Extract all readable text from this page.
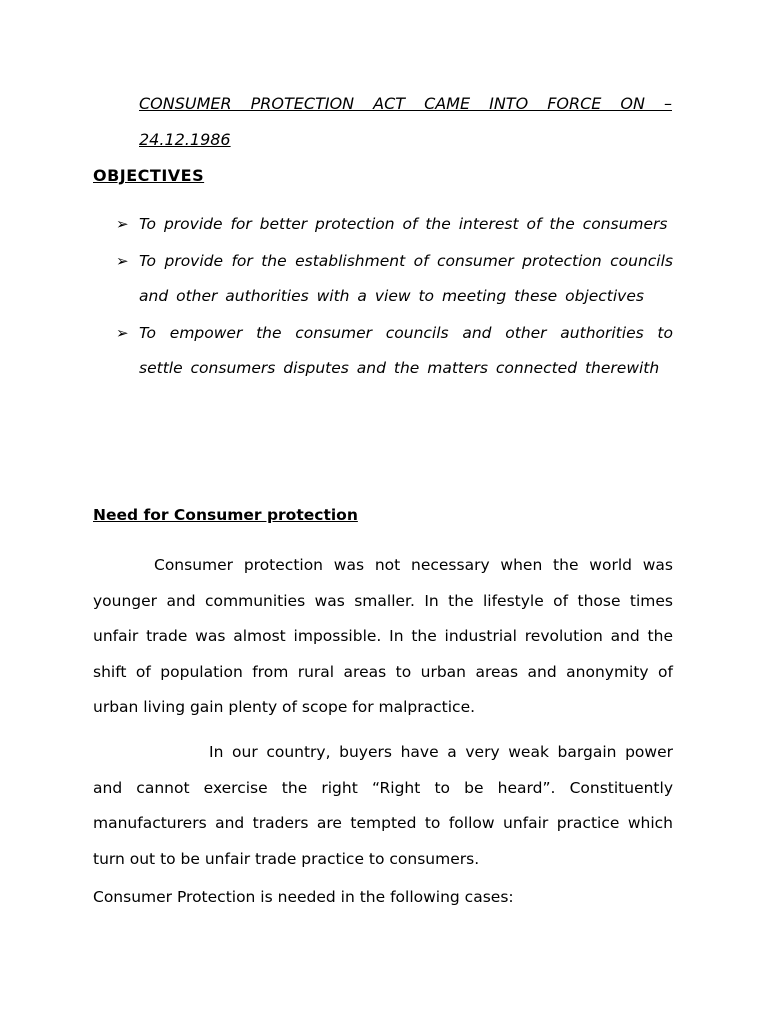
CONSUMER PROTECTION ACT CAME INTO FORCE ON –
24.12.1986
OBJECTIVES
➢ To provide for better protection of the interest of the consumers
➢ To provide for the establishment of consumer protection councils and other authorities with a view to meeting these objectives
➢ To empower the consumer councils and other authorities to settle consumers disputes and the matters connected therewith
Need for Consumer protection

Consumer protection was not necessary when the world was younger and communities was smaller. In the lifestyle of those times unfair trade was almost impossible. In the industrial revolution and the shift of population from rural areas to urban areas and anonymity of urban living gain plenty of scope for malpractice.

In our country, buyers have a very weak bargain power and cannot exercise the right “Right to be heard”. Constituently manufacturers and traders are tempted to follow unfair practice which turn out to be unfair trade practice to consumers.

Consumer Protection is needed in the following cases:
